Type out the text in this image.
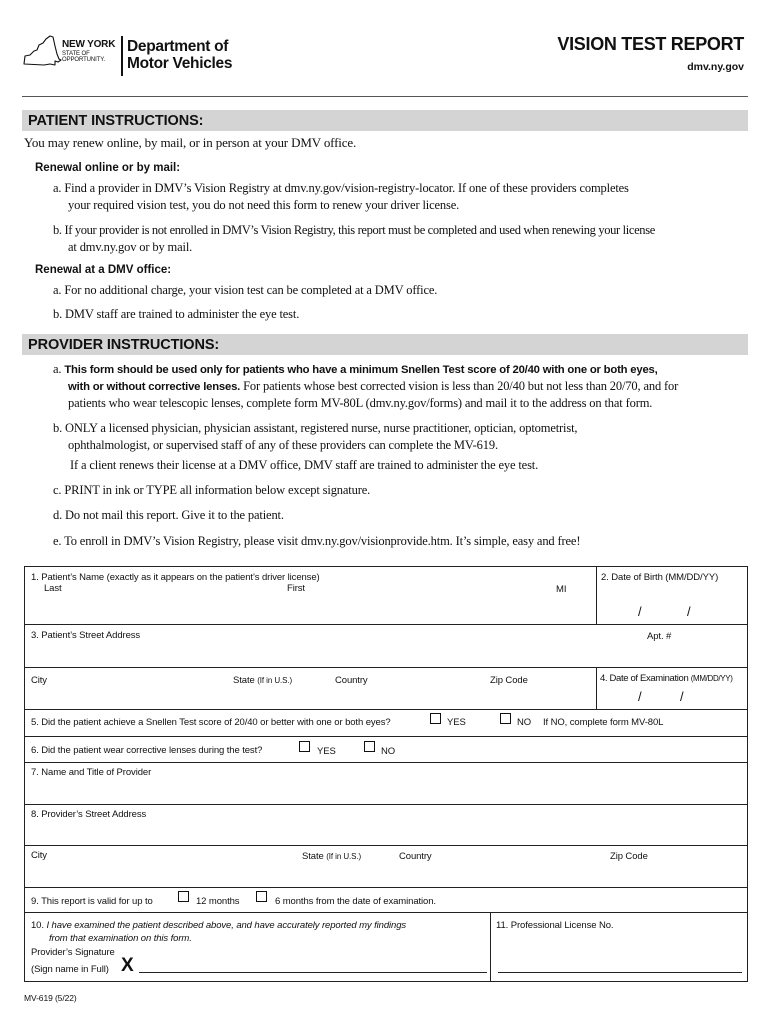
NEW YORK
STATE OF OPPORTUNITY.
Department of
Motor Vehicles
VISION TEST REPORT
dmv.ny.gov
PATIENT INSTRUCTIONS:
You may renew online, by mail, or in person at your DMV office.
Renewal online or by mail:
a. Find a provider in DMV’s Vision Registry at dmv.ny.gov/vision-registry-locator. If one of these providers completes
your required vision test, you do not need this form to renew your driver license.
b. If your provider is not enrolled in DMV’s Vision Registry, this report must be completed and used when renewing your license
at dmv.ny.gov or by mail.
Renewal at a DMV office:
a. For no additional charge, your vision test can be completed at a DMV office.
b. DMV staff are trained to administer the eye test.
PROVIDER INSTRUCTIONS:
a. This form should be used only for patients who have a minimum Snellen Test score of 20/40 with one or both eyes,
with or without corrective lenses. For patients whose best corrected vision is less than 20/40 but not less than 20/70, and for
patients who wear telescopic lenses, complete form MV-80L (dmv.ny.gov/forms) and mail it to the address on that form.
b. ONLY a licensed physician, physician assistant, registered nurse, nurse practitioner, optician, optometrist,
ophthalmologist, or supervised staff of any of these providers can complete the MV-619.
If a client renews their license at a DMV office, DMV staff are trained to administer the eye test.
c. PRINT in ink or TYPE all information below except signature.
d. Do not mail this report. Give it to the patient.
e. To enroll in DMV’s Vision Registry, please visit dmv.ny.gov/visionprovide.htm. It’s simple, easy and free!
1. Patient’s Name (exactly as it appears on the patient’s driver license)
Last	First	MI
2. Date of Birth (MM/DD/YY)
/	/
3. Patient’s Street Address	Apt. #
City	State (If in U.S.)	Country	Zip Code	4. Date of Examination (MM/DD/YY)
/	/
5. Did the patient achieve a Snellen Test score of 20/40 or better with one or both eyes?	YES	NO If NO, complete form MV-80L
6. Did the patient wear corrective lenses during the test?	YES	NO
7. Name and Title of Provider
8. Provider’s Street Address
City	State (If in U.S.)	Country	Zip Code
9. This report is valid for up to	12 months	6 months from the date of examination.
10. I have examined the patient described above, and have accurately reported my findings
from that examination on this form.
Provider’s Signature
(Sign name in Full) X
11. Professional License No.
MV-619 (5/22)
